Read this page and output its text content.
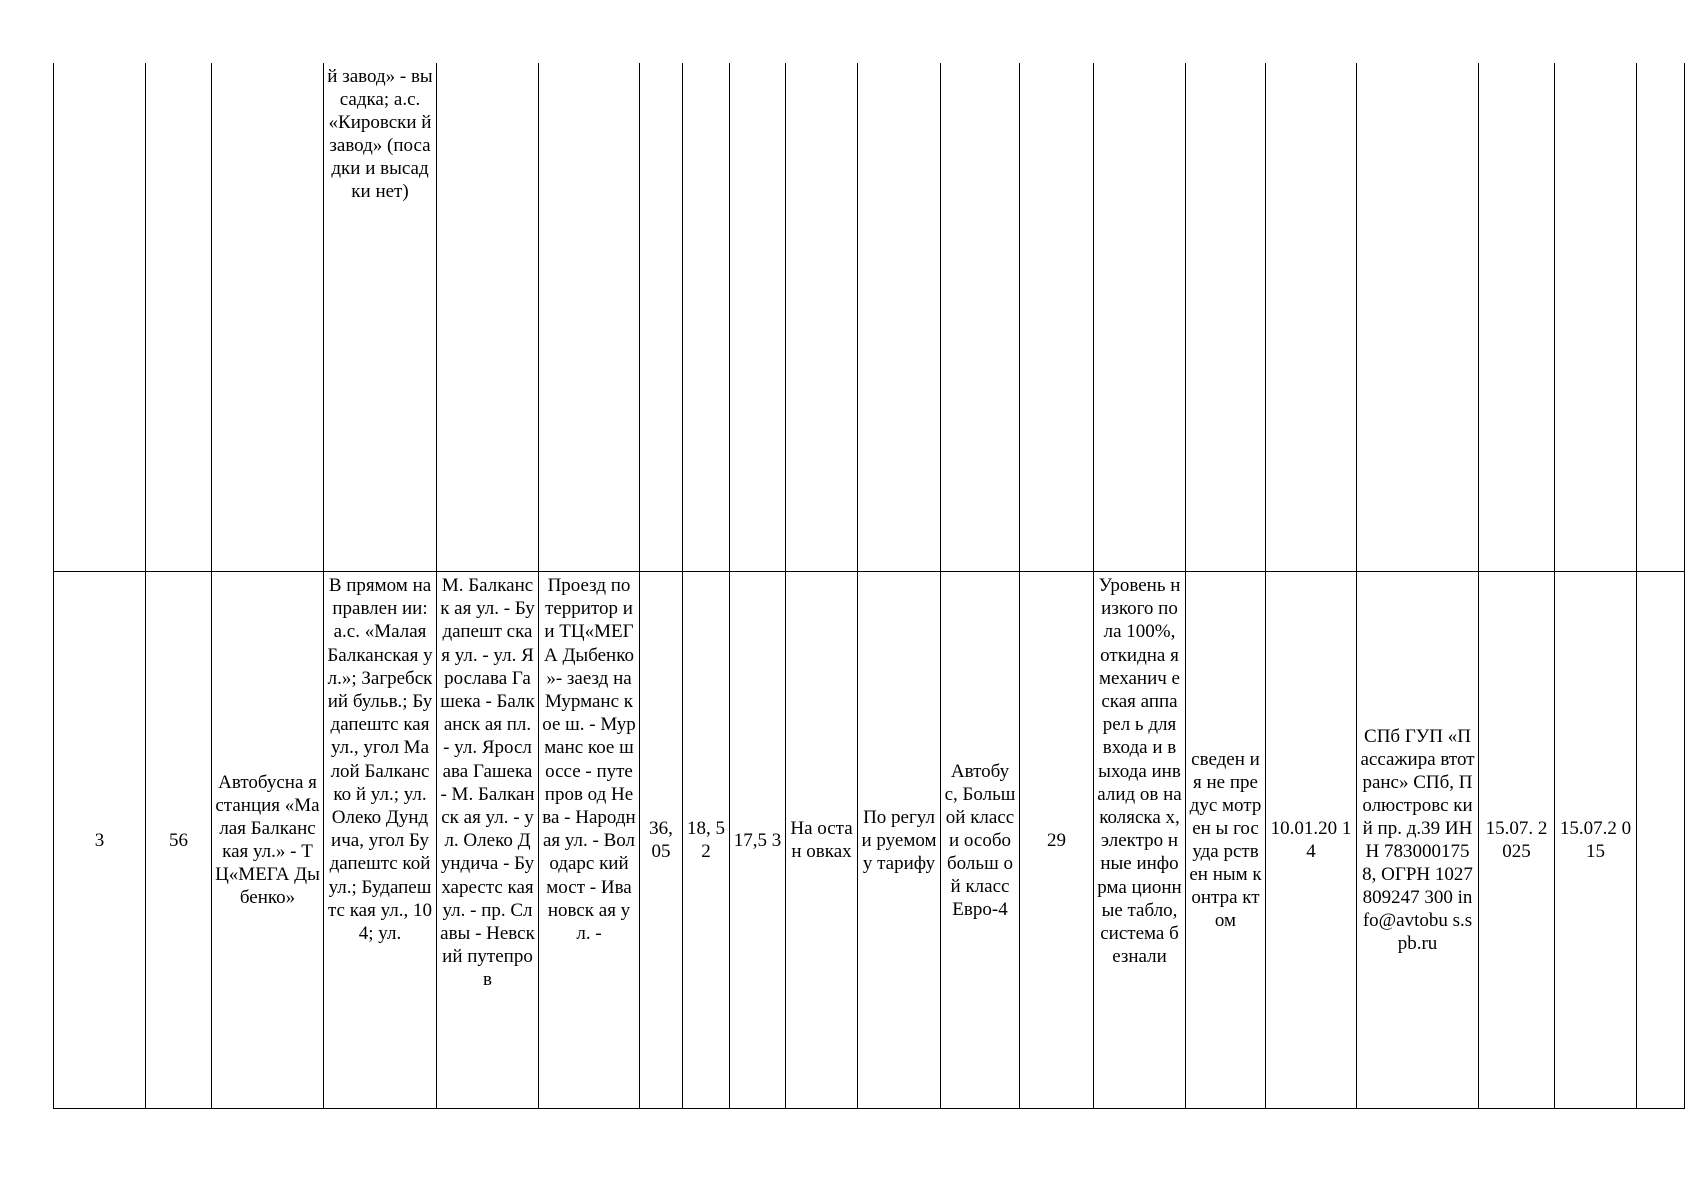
			й завод» - высадка; а.с. «Кировски й завод» (посадки и высадки нет)																
3	56	Автобусна я станция «Малая Балканская ул.» - ТЦ«МЕГА Дыбенко»	В прямом направлен ии: а.с. «Малая Балканская ул.»; Загребский бульв.; Будапештс кая ул., угол Малой Балканско й ул.; ул. Олеко Дундича, угол Будапештс кой ул.; Будапештс кая ул., 104; ул.	М. Балканск ая ул. - Будапешт ская ул. - ул. Ярослава Гашека - Балканск ая пл. - ул. Ярослава Гашека - М. Балканск ая ул. - ул. Олеко Дундича - Бухарестс кая ул. - пр. Славы - Невский путепров	Проезд по территор ии ТЦ«МЕГ А Дыбенко »- заезд на Мурманс кое ш. - Мурманс кое шоссе - путепров од Нева - Народная ул. - Володарс кий мост - Ивановск ая ул. -	36, 05	18, 52	17,5 3	На остан овках	По регули руемом у тарифу	Автобу с, Больш ой класс и особо больш ой класс Евро-4	29	Уровень низкого пола 100%, откидна я механич еская аппарел ь для входа и выхода инвалид ов на коляска х, электро нные информа ционные табло, система безнали	сведен ия не предус мотрен ы госуда рствен ным контра ктом	10.01.20 14	СПб ГУП «Пассажира втотранс» СПб, Полюстровс кий пр. д.39 ИНН 7830001758, ОГРН 1027809247 300 info@avtobu s.spb.ru	15.07. 2025	15.07.2 015	
